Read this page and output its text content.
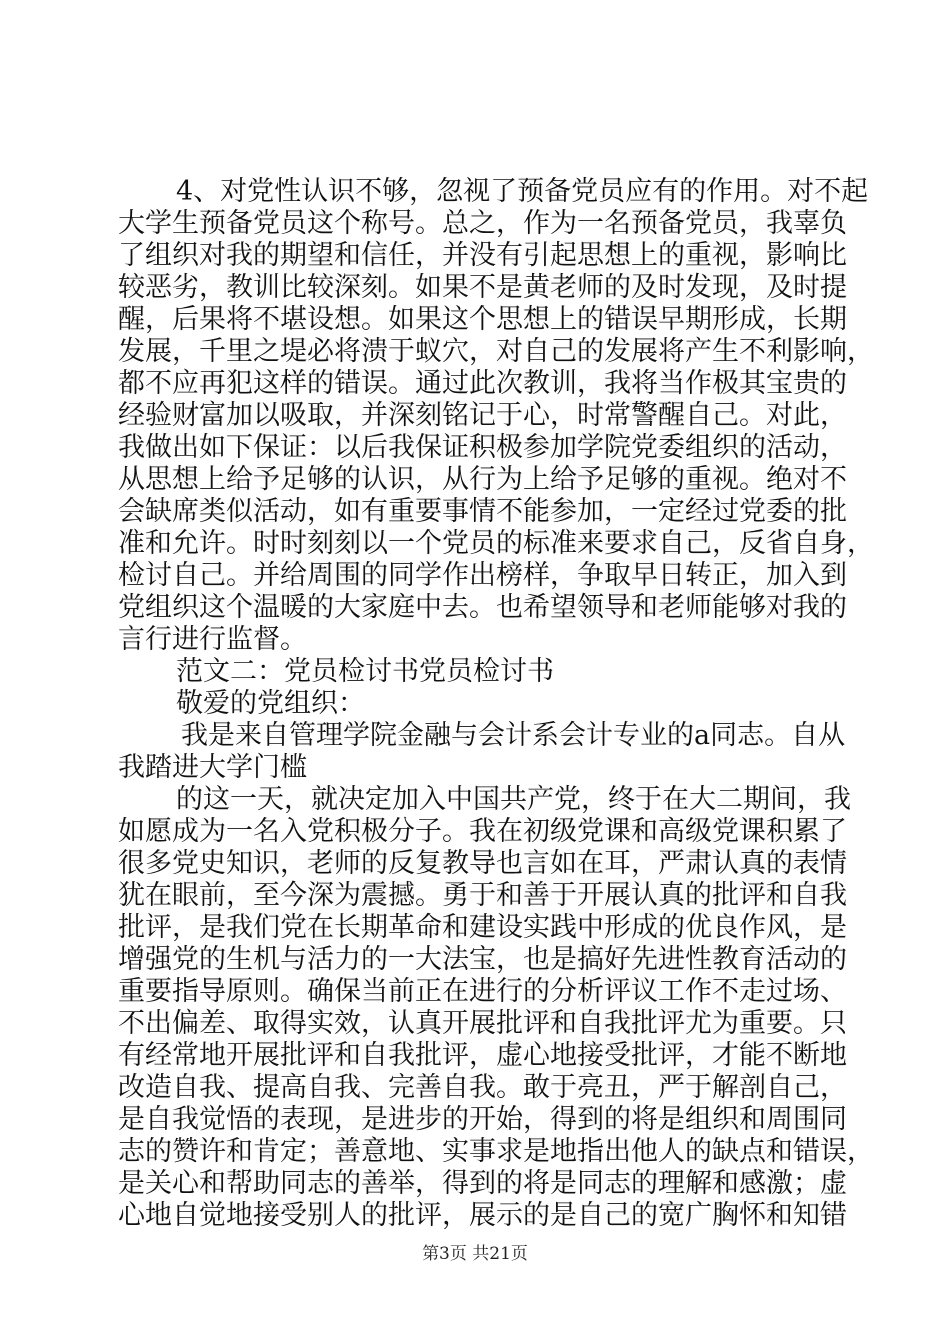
4、对党性认识不够，忽视了预备党员应有的作用。对不起
大学生预备党员这个称号。总之，作为一名预备党员，我辜负
了组织对我的期望和信任，并没有引起思想上的重视，影响比
较恶劣，教训比较深刻。如果不是黄老师的及时发现，及时提
醒，后果将不堪设想。如果这个思想上的错误早期形成，长期
发展，千里之堤必将溃于蚁穴，对自己的发展将产生不利影响，
都不应再犯这样的错误。通过此次教训，我将当作极其宝贵的
经验财富加以吸取，并深刻铭记于心，时常警醒自己。对此，
我做出如下保证：以后我保证积极参加学院党委组织的活动，
从思想上给予足够的认识，从行为上给予足够的重视。绝对不
会缺席类似活动，如有重要事情不能参加，一定经过党委的批
准和允许。时时刻刻以一个党员的标准来要求自己，反省自身，
检讨自己。并给周围的同学作出榜样，争取早日转正，加入到
党组织这个温暖的大家庭中去。也希望领导和老师能够对我的
言行进行监督。
范文二：党员检讨书党员检讨书
敬爱的党组织：
我是来自管理学院金融与会计系会计专业的a同志。自从
我踏进大学门槛
的这一天，就决定加入中国共产党，终于在大二期间，我
如愿成为一名入党积极分子。我在初级党课和高级党课积累了
很多党史知识，老师的反复教导也言如在耳，严肃认真的表情
犹在眼前，至今深为震撼。勇于和善于开展认真的批评和自我
批评，是我们党在长期革命和建设实践中形成的优良作风，是
增强党的生机与活力的一大法宝，也是搞好先进性教育活动的
重要指导原则。确保当前正在进行的分析评议工作不走过场、
不出偏差、取得实效，认真开展批评和自我批评尤为重要。只
有经常地开展批评和自我批评，虚心地接受批评，才能不断地
改造自我、提高自我、完善自我。敢于亮丑，严于解剖自己，
是自我觉悟的表现，是进步的开始，得到的将是组织和周围同
志的赞许和肯定；善意地、实事求是地指出他人的缺点和错误，
是关心和帮助同志的善举，得到的将是同志的理解和感激；虚
心地自觉地接受别人的批评，展示的是自己的宽广胸怀和知错
第3页 共21页
